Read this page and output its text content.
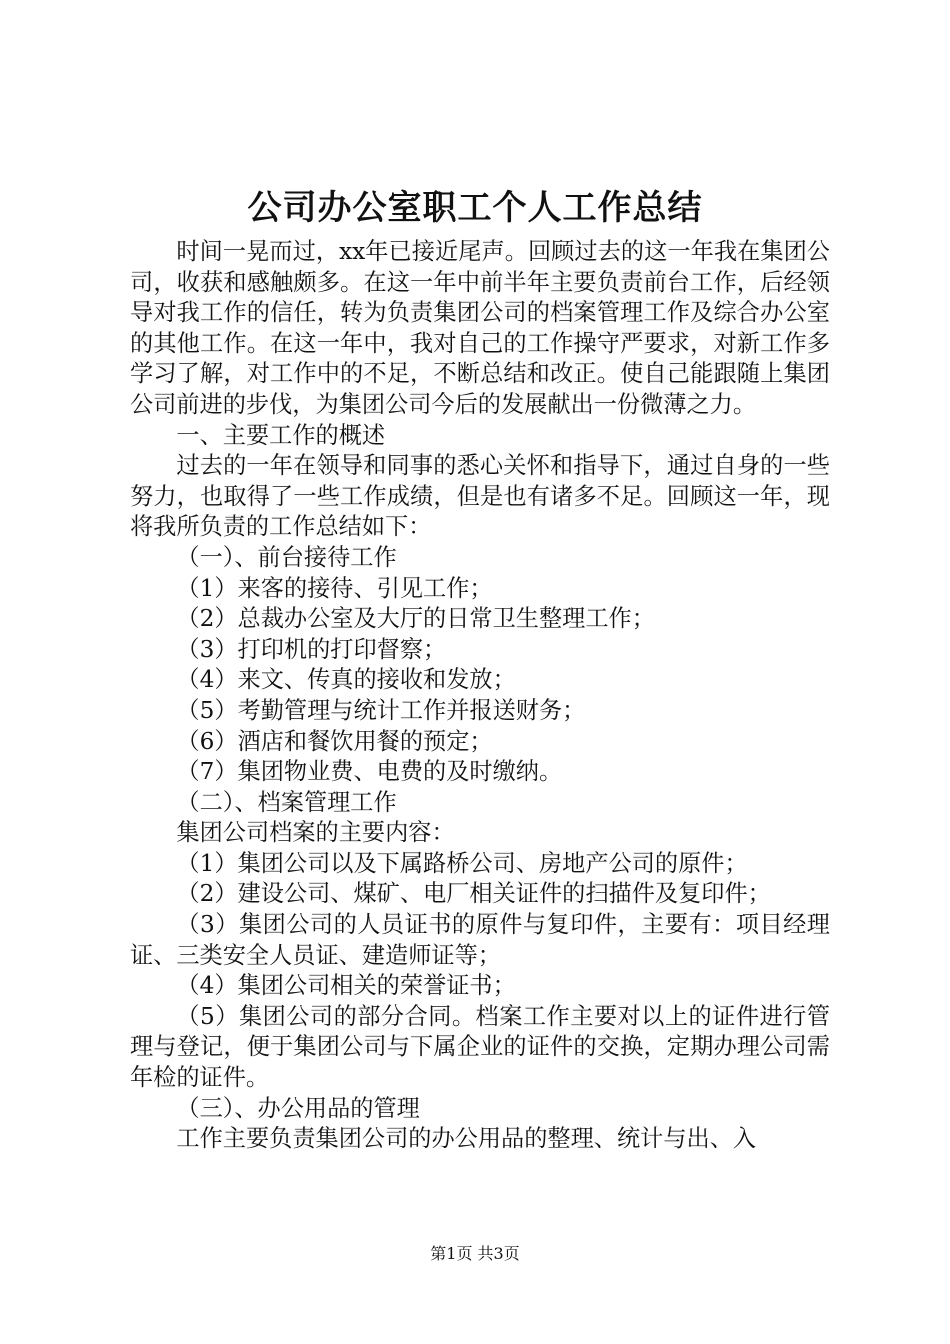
公司办公室职工个人工作总结

时间一晃而过，xx年已接近尾声。回顾过去的这一年我在集团公司，收获和感触颇多。在这一年中前半年主要负责前台工作，后经领导对我工作的信任，转为负责集团公司的档案管理工作及综合办公室的其他工作。在这一年中，我对自己的工作操守严要求，对新工作多学习了解，对工作中的不足，不断总结和改正。使自己能跟随上集团公司前进的步伐，为集团公司今后的发展献出一份微薄之力。

一、主要工作的概述

过去的一年在领导和同事的悉心关怀和指导下，通过自身的一些努力，也取得了一些工作成绩，但是也有诸多不足。回顾这一年，现将我所负责的工作总结如下：

（一）、前台接待工作

（1）来客的接待、引见工作；

（2）总裁办公室及大厅的日常卫生整理工作；

（3）打印机的打印督察；

（4）来文、传真的接收和发放；

（5）考勤管理与统计工作并报送财务；

（6）酒店和餐饮用餐的预定；

（7）集团物业费、电费的及时缴纳。

（二）、档案管理工作

集团公司档案的主要内容：

（1）集团公司以及下属路桥公司、房地产公司的原件；

（2）建设公司、煤矿、电厂相关证件的扫描件及复印件；

（3）集团公司的人员证书的原件与复印件，主要有：项目经理证、三类安全人员证、建造师证等；

（4）集团公司相关的荣誉证书；

（5）集团公司的部分合同。档案工作主要对以上的证件进行管理与登记，便于集团公司与下属企业的证件的交换，定期办理公司需年检的证件。

（三）、办公用品的管理

工作主要负责集团公司的办公用品的整理、统计与出、入

第1页 共3页
